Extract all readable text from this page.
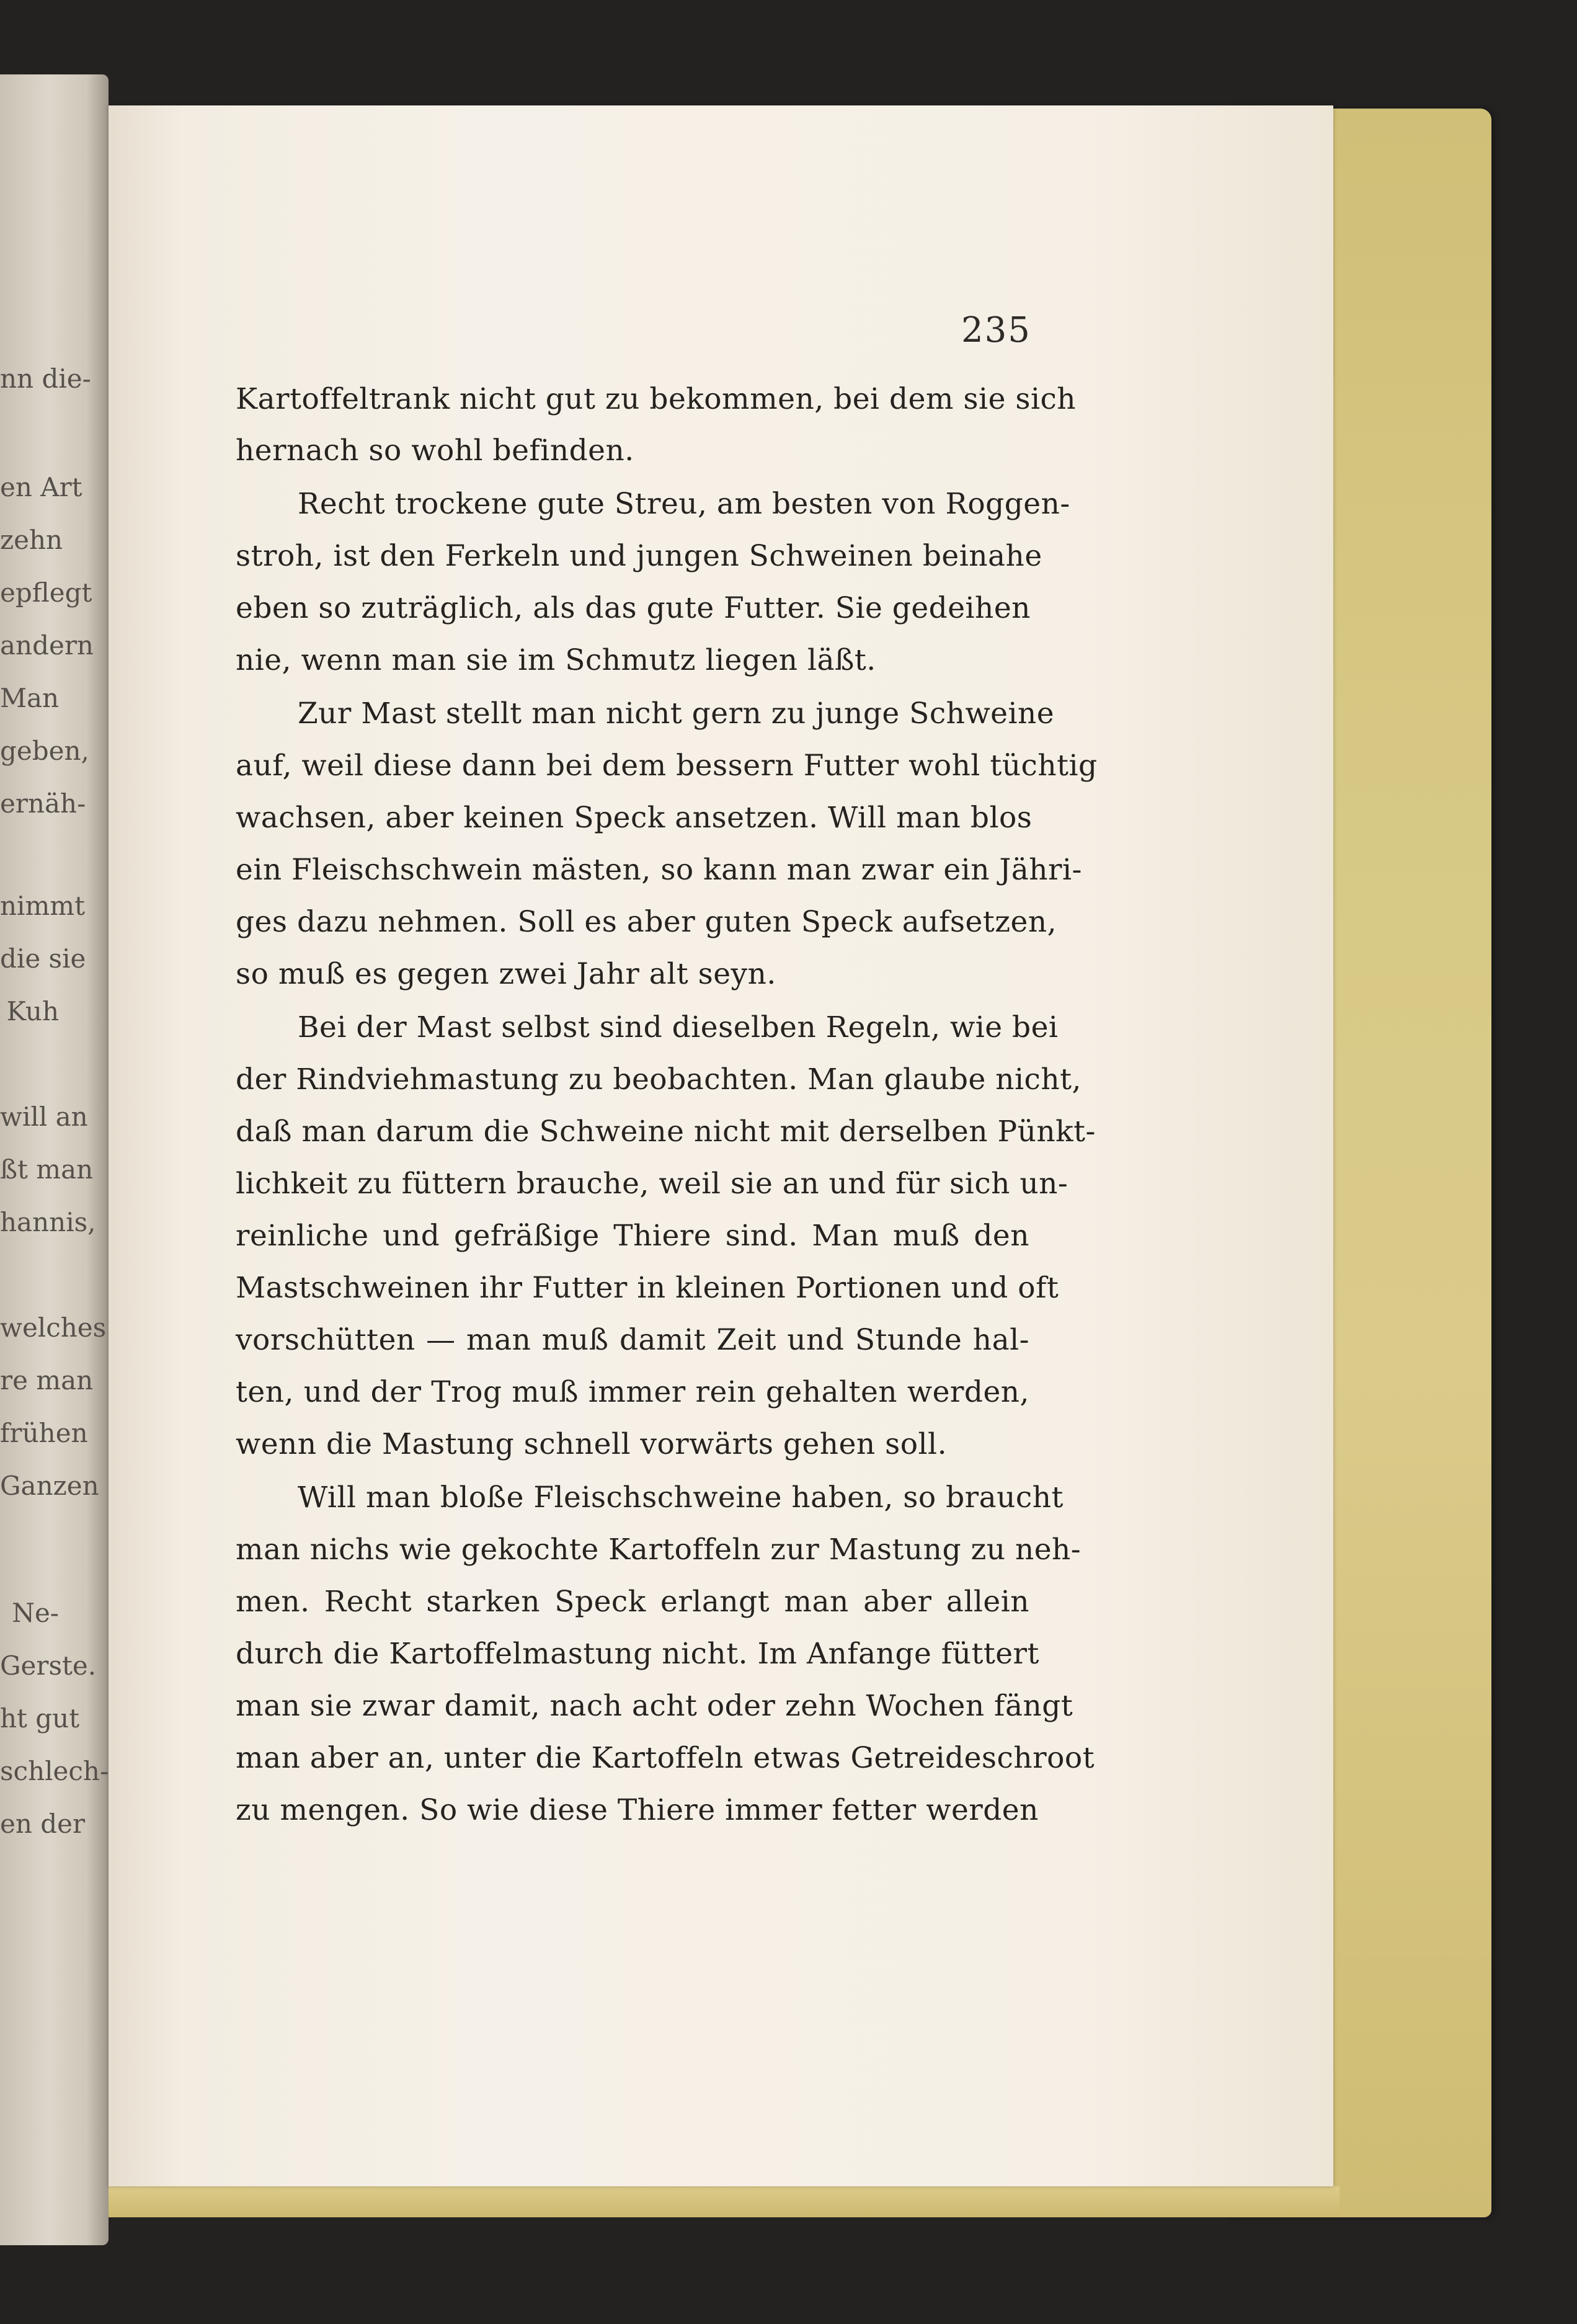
nn die-
en Art
zehn
epflegt
andern
Man
geben,
ernäh-
nimmt
die sie
Kuh
will an
ßt man
hannis,
welches
re man
frühen
Ganzen
Ne-
Gerste.
ht gut
schlech-
en der
235
Kartoffeltrank nicht gut zu bekommen, bei dem sie sich
hernach so wohl befinden.
Recht trockene gute Streu, am besten von Roggen-
stroh, ist den Ferkeln und jungen Schweinen beinahe
eben so zuträglich, als das gute Futter. Sie gedeihen
nie, wenn man sie im Schmutz liegen läßt.
Zur Mast stellt man nicht gern zu junge Schweine
auf, weil diese dann bei dem bessern Futter wohl tüchtig
wachsen, aber keinen Speck ansetzen. Will man blos
ein Fleischschwein mästen, so kann man zwar ein Jähri-
ges dazu nehmen. Soll es aber guten Speck aufsetzen,
so muß es gegen zwei Jahr alt seyn.
Bei der Mast selbst sind dieselben Regeln, wie bei
der Rindviehmastung zu beobachten. Man glaube nicht,
daß man darum die Schweine nicht mit derselben Pünkt-
lichkeit zu füttern brauche, weil sie an und für sich un-
reinliche und gefräßige Thiere sind. Man muß den
Mastschweinen ihr Futter in kleinen Portionen und oft
vorschütten — man muß damit Zeit und Stunde hal-
ten, und der Trog muß immer rein gehalten werden,
wenn die Mastung schnell vorwärts gehen soll.
Will man bloße Fleischschweine haben, so braucht
man nichs wie gekochte Kartoffeln zur Mastung zu neh-
men. Recht starken Speck erlangt man aber allein
durch die Kartoffelmastung nicht. Im Anfange füttert
man sie zwar damit, nach acht oder zehn Wochen fängt
man aber an, unter die Kartoffeln etwas Getreideschroot
zu mengen. So wie diese Thiere immer fetter werden
